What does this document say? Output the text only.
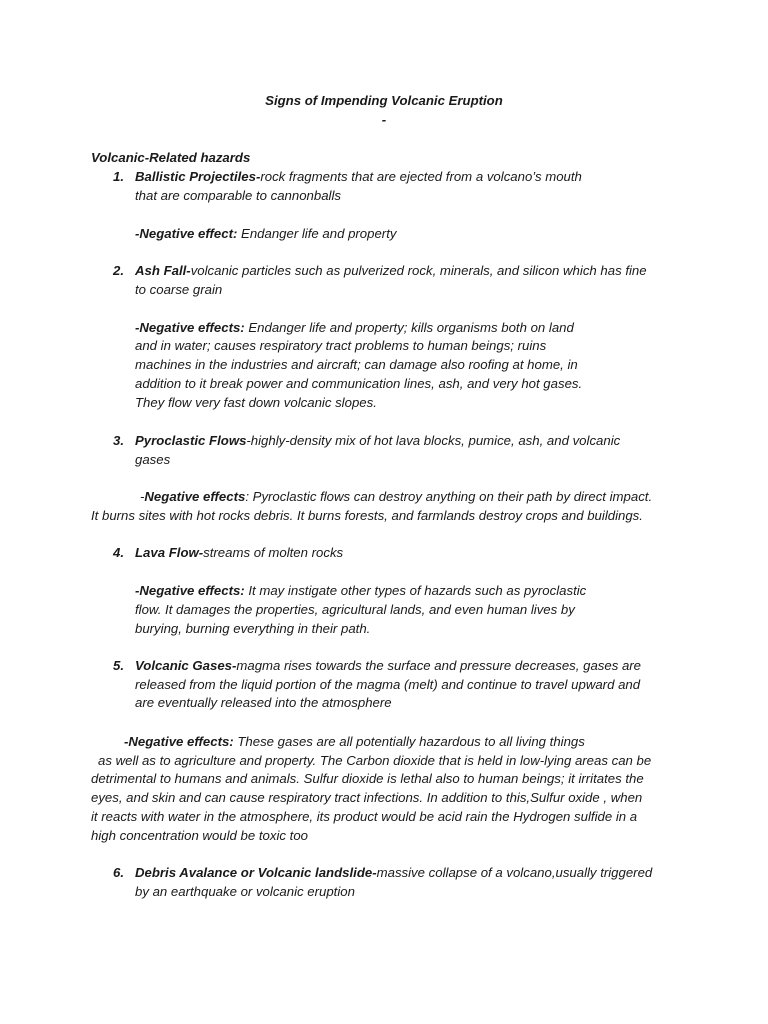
Signs of Impending Volcanic Eruption
-
Volcanic-Related hazards
1. Ballistic Projectiles-rock fragments that are ejected from a volcano’s mouth
that are comparable to cannonballs
-Negative effect: Endanger life and property
2. Ash Fall-volcanic particles such as pulverized rock, minerals, and silicon which has fine
to coarse grain
-Negative effects: Endanger life and property; kills organisms both on land
and in water; causes respiratory tract problems to human beings; ruins
machines in the industries and aircraft; can damage also roofing at home, in
addition to it break power and communication lines, ash, and very hot gases.
They flow very fast down volcanic slopes.
3. Pyroclastic Flows-highly-density mix of hot lava blocks, pumice, ash, and volcanic
gases
-Negative effects: Pyroclastic flows can destroy anything on their path by direct impact.
It burns sites with hot rocks debris. It burns forests, and farmlands destroy crops and buildings.
4. Lava Flow-streams of molten rocks
-Negative effects: It may instigate other types of hazards such as pyroclastic
flow. It damages the properties, agricultural lands, and even human lives by
burying, burning everything in their path.
5. Volcanic Gases-magma rises towards the surface and pressure decreases, gases are
released from the liquid portion of the magma (melt) and continue to travel upward and
are eventually released into the atmosphere
-Negative effects: These gases are all potentially hazardous to all living things
as well as to agriculture and property. The Carbon dioxide that is held in low-lying areas can be
detrimental to humans and animals. Sulfur dioxide is lethal also to human beings; it irritates the
eyes, and skin and can cause respiratory tract infections. In addition to this,Sulfur oxide , when
it reacts with water in the atmosphere, its product would be acid rain the Hydrogen sulfide in a
high concentration would be toxic too
6. Debris Avalance or Volcanic landslide-massive collapse of a volcano,usually triggered
by an earthquake or volcanic eruption
